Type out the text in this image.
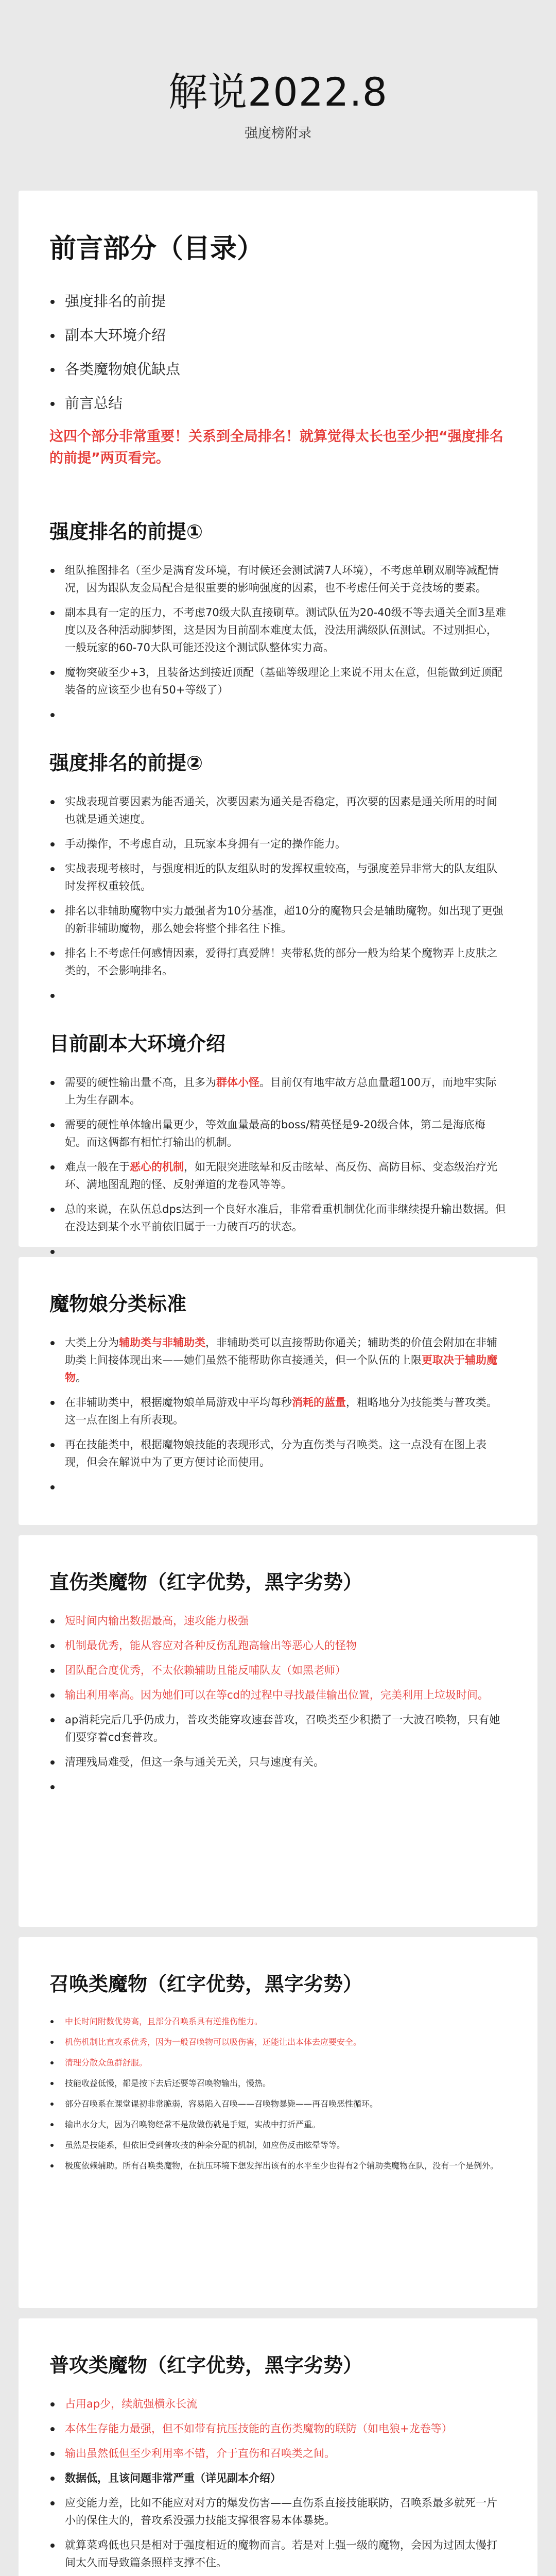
解说2022.8
强度榜附录
前言部分（目录）
强度排名的前提
副本大环境介绍
各类魔物娘优缺点
前言总结
这四个部分非常重要！关系到全局排名！就算觉得太长也至少把“强度排名的前提”两页看完。
强度排名的前提①
组队推图排名（至少是满育发环境，有时候还会测试满7人环境），不考虑单刷双刷等减配情况，因为跟队友金局配合是很重要的影响强度的因素，也不考虑任何关于竞技场的要素。
副本具有一定的压力，不考虑70级大队直接刷草。测试队伍为20-40级不等去通关全面3星难度以及各种活动脚梦图，这是因为目前副本难度太低，没法用满级队伍测试。不过别担心，一般玩家的60-70大队可能还没这个测试队整体实力高。
魔物突破至少+3，且装备达到接近顶配（基础等级理论上来说不用太在意，但能做到近顶配装备的应该至少也有50+等级了）
强度排名的前提②
实战表现首要因素为能否通关，次要因素为通关是否稳定，再次要的因素是通关所用的时间也就是通关速度。
手动操作，不考虑自动，且玩家本身拥有一定的操作能力。
实战表现考核时，与强度相近的队友组队时的发挥权重较高，与强度差异非常大的队友组队时发挥权重较低。
排名以非辅助魔物中实力最强者为10分基准，超10分的魔物只会是辅助魔物。如出现了更强的新非辅助魔物，那么她会将整个排名往下推。
排名上不考虑任何感情因素，爱得打真爱牌！夹带私货的部分一般为给某个魔物弄上皮肤之类的，不会影响排名。
目前副本大环境介绍
需要的硬性输出量不高，且多为群体小怪。目前仅有地牢故方总血量超100万，而地牢实际上为生存副本。
需要的硬性单体输出量更少，等效血量最高的boss/精英怪是9-20级合体，第二是海底梅妃。而这俩都有相忙打输出的机制。
难点一般在于恶心的机制，如无限突进眩晕和反击眩晕、高反伤、高防目标、变态级治疗光环、满地图乱跑的怪、反射弹道的龙卷风等等。
总的来说，在队伍总dps达到一个良好水准后，非常看重机制优化而非继续提升输出数据。但在没达到某个水平前依旧属于一力破百巧的状态。
魔物娘分类标准
大类上分为辅助类与非辅助类，非辅助类可以直接帮助你通关；辅助类的价值会附加在非辅助类上间接体现出来——她们虽然不能帮助你直接通关，但一个队伍的上限更取决于辅助魔物。
在非辅助类中，根据魔物娘单局游戏中平均每秒消耗的蓝量，粗略地分为技能类与普攻类。这一点在图上有所表现。
再在技能类中，根据魔物娘技能的表现形式，分为直伤类与召唤类。这一点没有在图上表现，但会在解说中为了更方便讨论而使用。
直伤类魔物（红字优势，黑字劣势）
短时间内输出数据最高，速攻能力极强
机制最优秀，能从容应对各种反伤乱跑高输出等恶心人的怪物
团队配合度优秀，不太依赖辅助且能反哺队友（如黑老师）
输出利用率高。因为她们可以在等cd的过程中寻找最佳输出位置，完美利用上垃圾时间。
ap消耗完后几乎仍成力，普攻类能穿攻速套普攻，召唤类至少积攒了一大波召唤物，只有她们要穿着cd套普攻。
清理残局难受，但这一条与通关无关，只与速度有关。
召唤类魔物（红字优势，黑字劣势）
中长时间附数优势高，且部分召唤系具有逆推伤能力。
机伤机制比直攻系优秀，因为一般召唤物可以吸伤害，还能让出本体去应要安全。
清理分散众鱼群舒服。
技能收益低慢，都是按下去后还要等召唤物输出，慢热。
部分召唤系在课堂课初非常脆弱，容易陷入召唤——召唤物暴毙——再召唤恶性循环。
输出水分大，因为召唤物经常不是敌做伤就是手短，实战中打折严重。
虽然是技能系，但依旧受到普攻技的种余分配的机制，如应伤反击眩晕等等。
极度依赖辅助。所有召唤类魔物，在抗压环境下想发挥出该有的水平至少也得有2个辅助类魔物在队，没有一个是例外。
普攻类魔物（红字优势，黑字劣势）
占用ap少，续航强横永长流
本体生存能力最强，但不如带有抗压技能的直伤类魔物的联防（如电狼+龙卷等）
输出虽然低但至少利用率不错，介于直伤和召唤类之间。
数据低，且该问题非常严重（详见副本介绍）
应变能力差，比如不能应对对方的爆发伤害——直伤系直接技能联防，召唤系最多就死一片小的保住大的，普攻系没强力技能支撑很容易本体暴毙。
就算菜鸡低也只是相对于强度相近的魔物而言。若是对上强一级的魔物，会因为过固太慢打间太久而导致篇条照样支撑不住。
